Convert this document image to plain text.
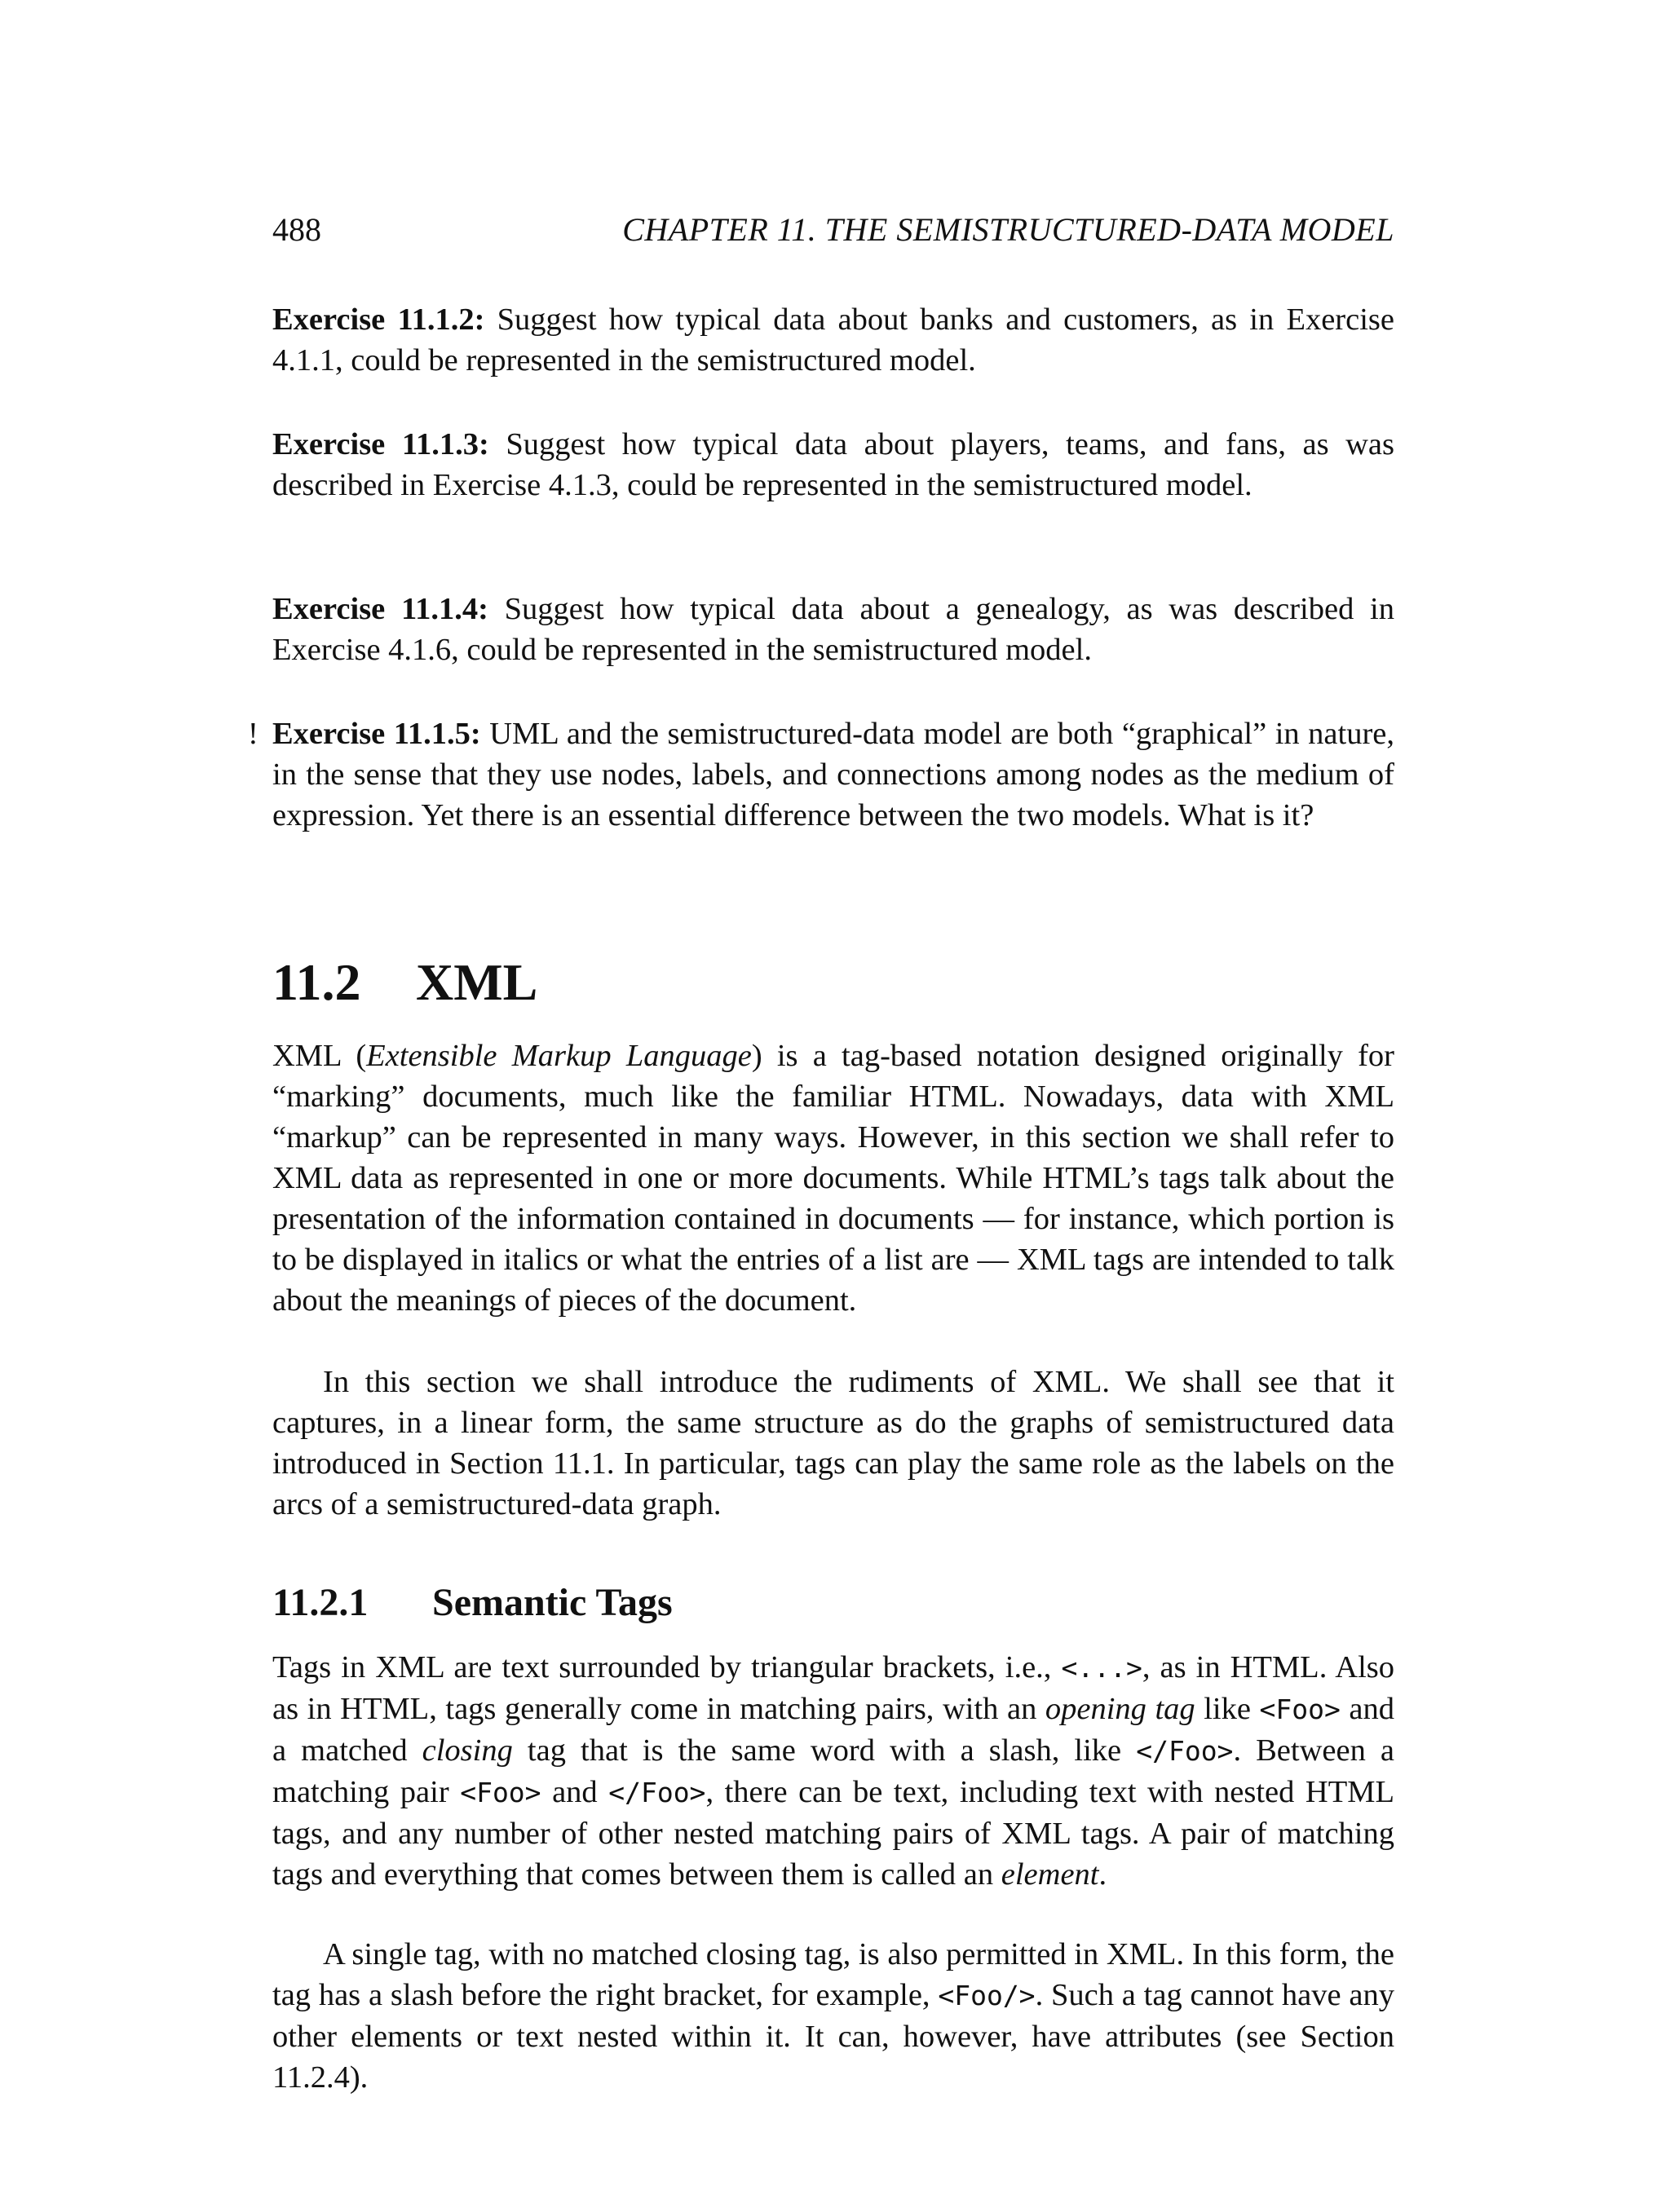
488	CHAPTER 11. THE SEMISTRUCTURED-DATA MODEL

Exercise 11.1.2: Suggest how typical data about banks and customers, as in Exercise 4.1.1, could be represented in the semistructured model.

Exercise 11.1.3: Suggest how typical data about players, teams, and fans, as was described in Exercise 4.1.3, could be represented in the semistructured model.

Exercise 11.1.4: Suggest how typical data about a genealogy, as was described in Exercise 4.1.6, could be represented in the semistructured model.

! Exercise 11.1.5: UML and the semistructured-data model are both “graphical” in nature, in the sense that they use nodes, labels, and connections among nodes as the medium of expression. Yet there is an essential difference between the two models. What is it?

11.2 XML

XML (Extensible Markup Language) is a tag-based notation designed originally for “marking” documents, much like the familiar HTML. Nowadays, data with XML “markup” can be represented in many ways. However, in this section we shall refer to XML data as represented in one or more documents. While HTML’s tags talk about the presentation of the information contained in documents — for instance, which portion is to be displayed in italics or what the entries of a list are — XML tags are intended to talk about the meanings of pieces of the document.

In this section we shall introduce the rudiments of XML. We shall see that it captures, in a linear form, the same structure as do the graphs of semistructured data introduced in Section 11.1. In particular, tags can play the same role as the labels on the arcs of a semistructured-data graph.

11.2.1 Semantic Tags

Tags in XML are text surrounded by triangular brackets, i.e., <...>, as in HTML. Also as in HTML, tags generally come in matching pairs, with an opening tag like <Foo> and a matched closing tag that is the same word with a slash, like </Foo>. Between a matching pair <Foo> and </Foo>, there can be text, including text with nested HTML tags, and any number of other nested matching pairs of XML tags. A pair of matching tags and everything that comes between them is called an element.

A single tag, with no matched closing tag, is also permitted in XML. In this form, the tag has a slash before the right bracket, for example, <Foo/>. Such a tag cannot have any other elements or text nested within it. It can, however, have attributes (see Section 11.2.4).
